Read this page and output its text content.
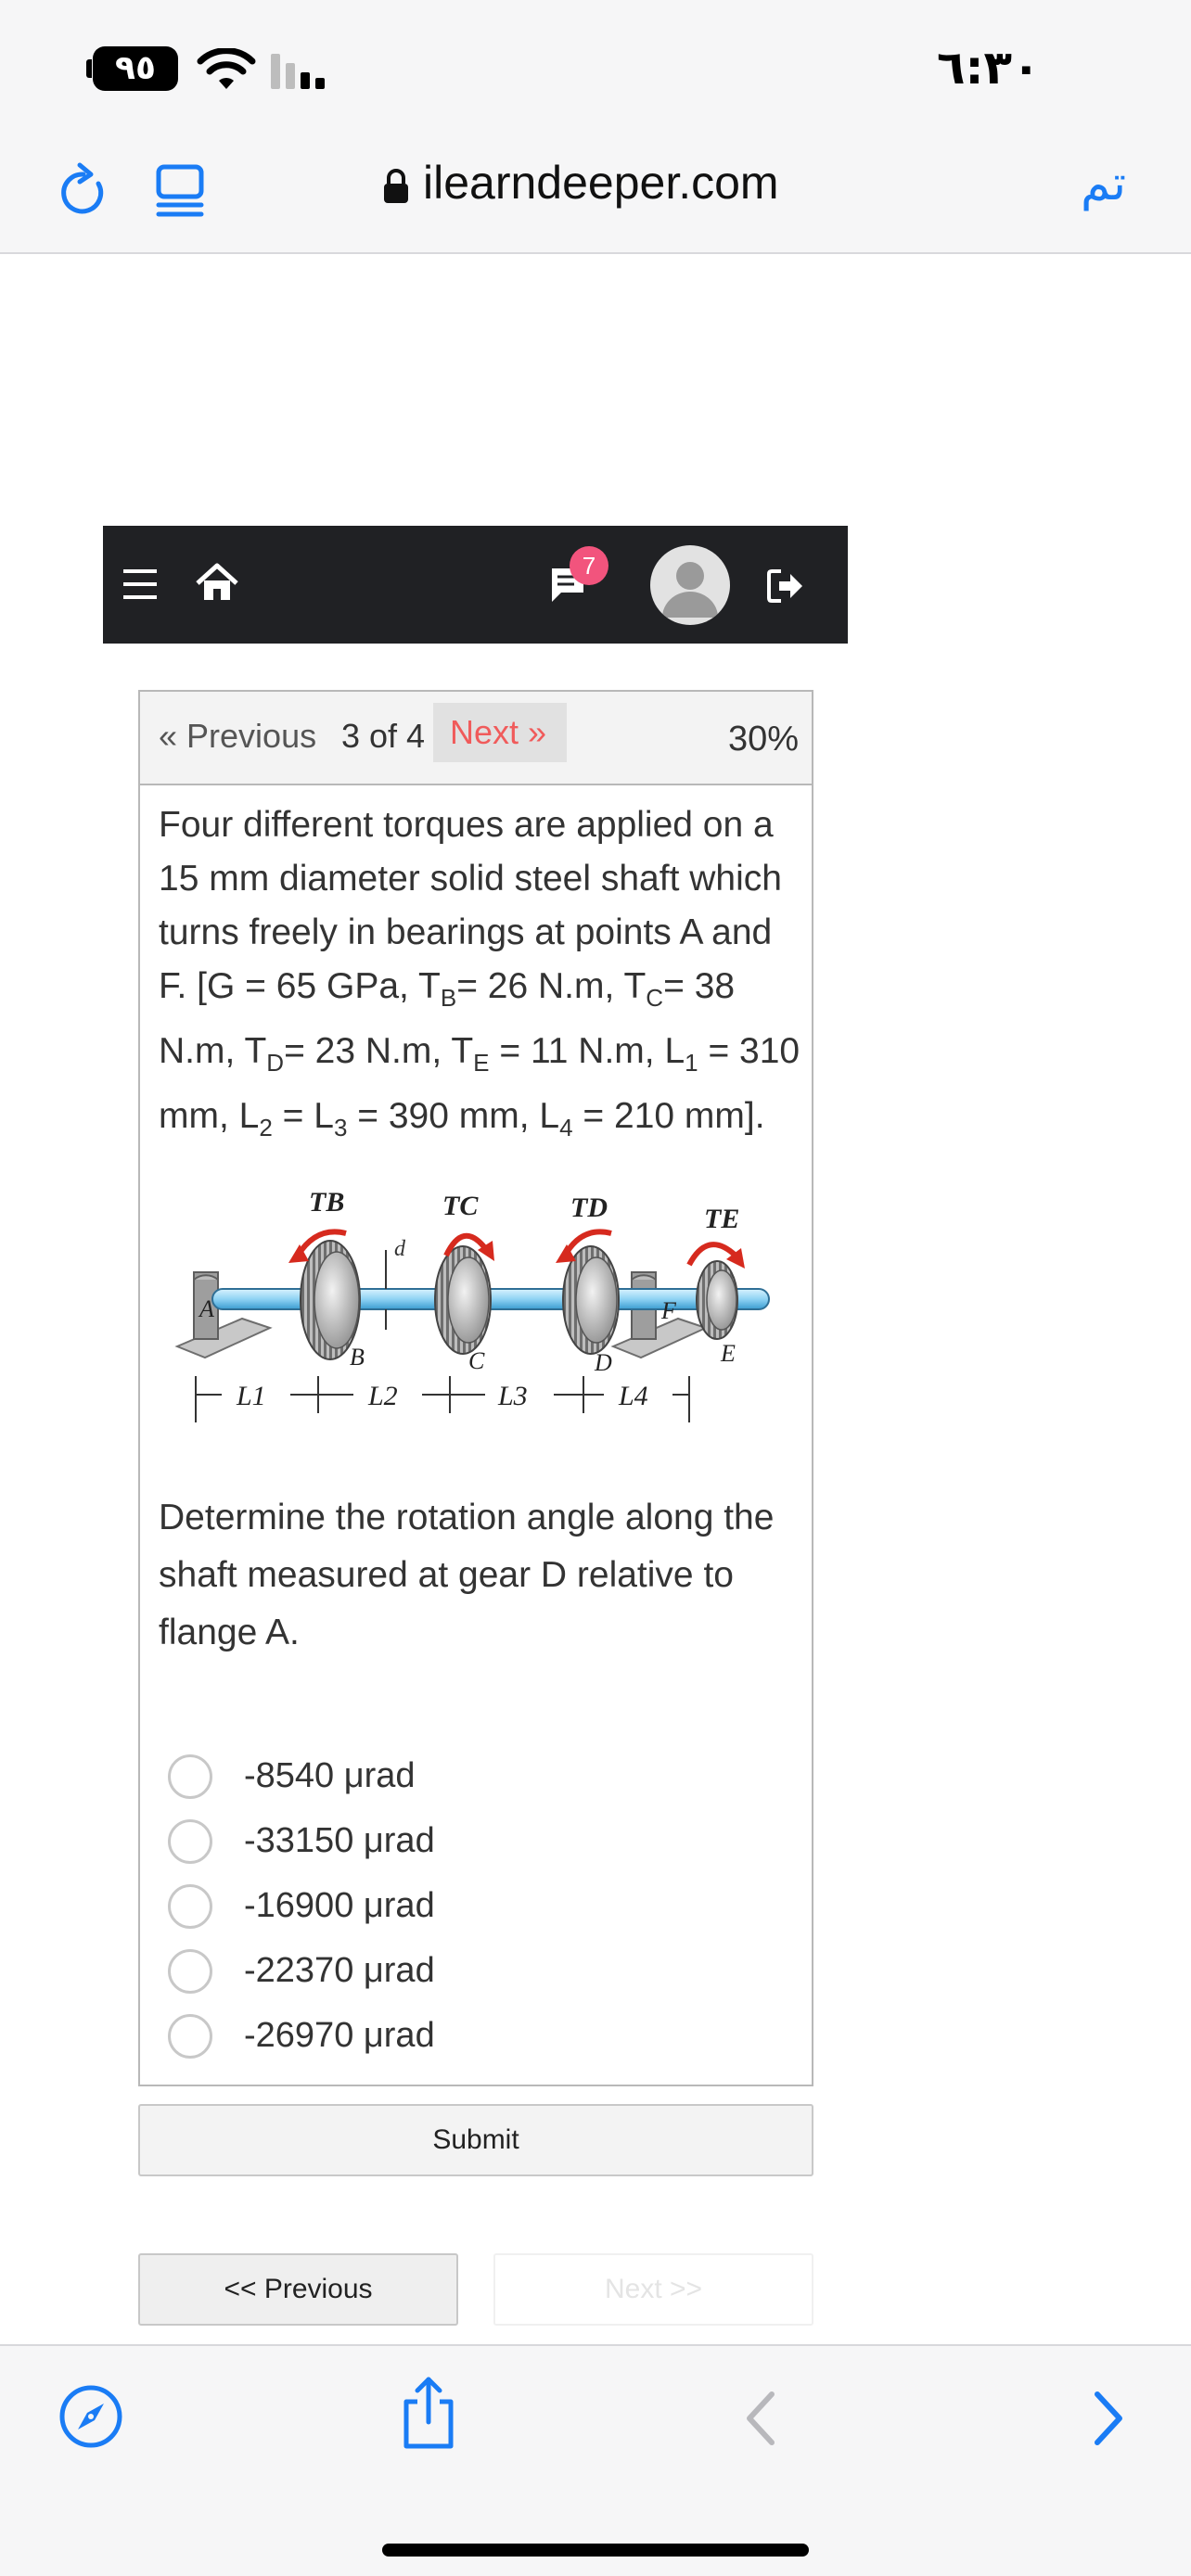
٩٥	٦:٣٠
ilearndeeper.com	تم
7
« Previous 3 of 4 Next »	30%
Four different torques are applied on a 15 mm diameter solid steel shaft which turns freely in bearings at points A and F. [G = 65 GPa, $T_B= 26$ N.m, $T_C= 38$ N.m, $T_D= 23$ N.m, $T_E = 11$ N.m, $L_1 = 310$ mm, $L_2 = L_3 = 390$ mm, $L_4 = 210$ mm].
d
TB	TC	TD	TE
A
B	C	D
F
E
L1	L2	L3	L4
Determine the rotation angle along the shaft measured at gear D relative to flange A.
-8540 μrad
-33150 μrad
-16900 μrad
-22370 μrad
-26970 μrad
Submit
<< Previous	Next >>
